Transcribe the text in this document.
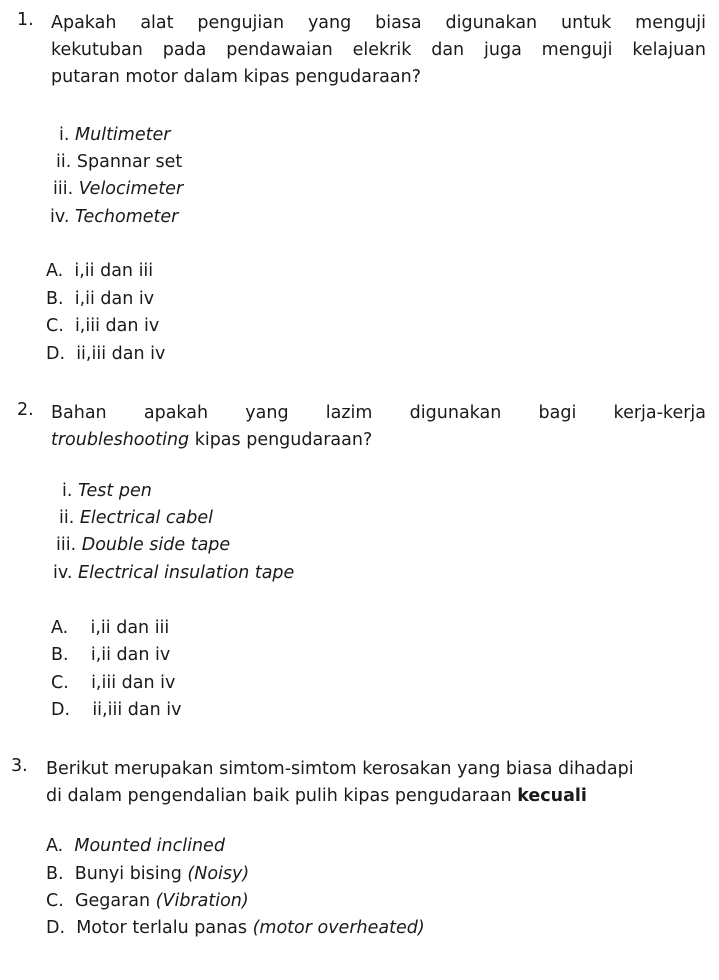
1. Apakah alat pengujian yang biasa digunakan untuk menguji
kekutuban pada pendawaian elekrik dan juga menguji kelajuan
putaran motor dalam kipas pengudaraan?
i. Multimeter
ii. Spannar set
iii. Velocimeter
iv. Techometer
A. i,ii dan iii
B. i,ii dan iv
C. i,iii dan iv
D. ii,iii dan iv
2. Bahan apakah yang lazim digunakan bagi kerja-kerja
troubleshooting kipas pengudaraan?
i. Test pen
ii. Electrical cabel
iii. Double side tape
iv. Electrical insulation tape
A. i,ii dan iii
B. i,ii dan iv
C. i,iii dan iv
D. ii,iii dan iv
3. Berikut merupakan simtom-simtom kerosakan yang biasa dihadapi
di dalam pengendalian baik pulih kipas pengudaraan kecuali
A. Mounted inclined
B. Bunyi bising (Noisy)
C. Gegaran (Vibration)
D. Motor terlalu panas (motor overheated)
